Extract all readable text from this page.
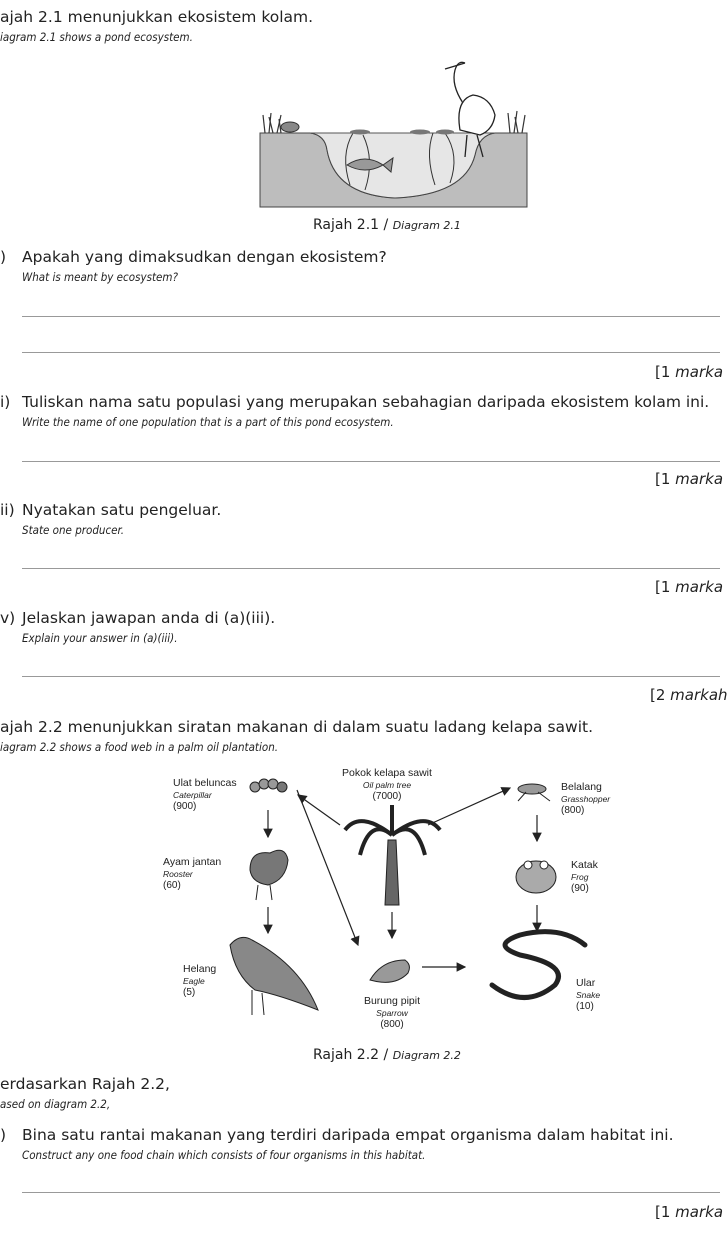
ajah 2.1 menunjukkan ekosistem kolam.
iagram 2.1 shows a pond ecosystem.
Rajah 2.1 / Diagram 2.1
) Apakah yang dimaksudkan dengan ekosistem?
What is meant by ecosystem?
[1 marka
i) Tuliskan nama satu populasi yang merupakan sebahagian daripada ekosistem kolam ini.
Write the name of one population that is a part of this pond ecosystem.
[1 marka
ii) Nyatakan satu pengeluar.
State one producer.
[1 marka
v) Jelaskan jawapan anda di (a)(iii).
Explain your answer in (a)(iii).
[2 markah
ajah 2.2 menunjukkan siratan makanan di dalam suatu ladang kelapa sawit.
iagram 2.2 shows a food web in a palm oil plantation.
Ulat beluncas
Caterpillar
(900)
Pokok kelapa sawit
Oil palm tree
(7000)
Belalang
Grasshopper
(800)
Ayam jantan
Rooster
(60)
Katak
Frog
(90)
Helang
Eagle
(5)
Burung pipit
Sparrow
(800)
Ular
Snake
(10)
Rajah 2.2 / Diagram 2.2
erdasarkan Rajah 2.2,
ased on diagram 2.2,
) Bina satu rantai makanan yang terdiri daripada empat organisma dalam habitat ini.
Construct any one food chain which consists of four organisms in this habitat.
[1 marka
